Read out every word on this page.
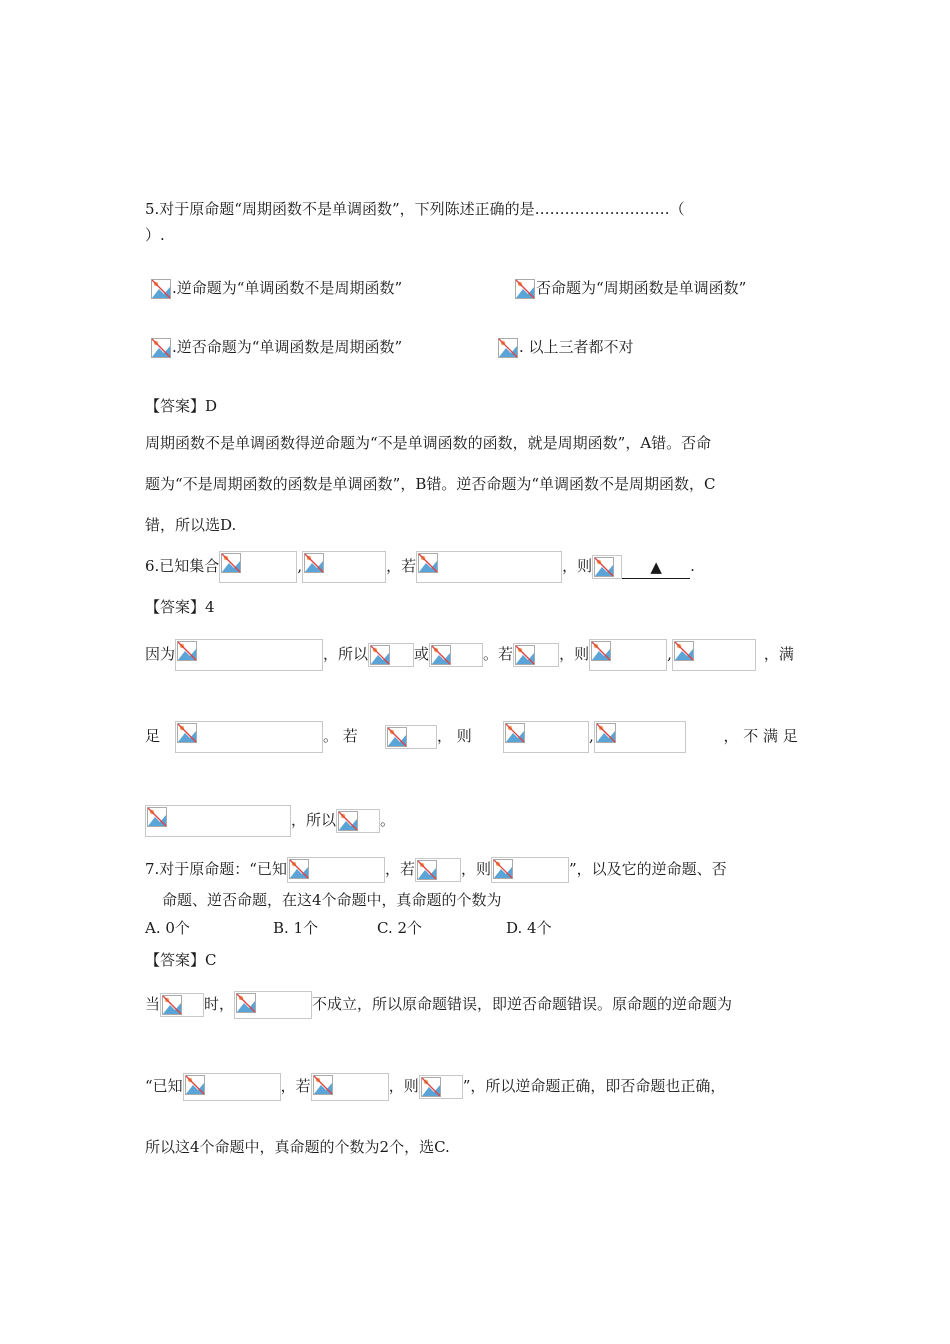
5.对于原命题“周期函数不是单调函数”，下列陈述正确的是………………………（
）.
.逆命题为“单调函数不是周期函数”	否命题为“周期函数是单调函数”
.逆否命题为“单调函数是周期函数”	. 以上三者都不对
【答案】D
周期函数不是单调函数得逆命题为“不是单调函数的函数，就是周期函数”，A错。否命
题为“不是周期函数的函数是单调函数”，B错。逆否命题为“单调函数不是周期函数，C
错，所以选D.
6.已知集合	,	，若	，则	▲ .
【答案】4
因为	，所以	或	。若	，则	,	，满
足	。 若	， 则	,	， 不 满 足
，所以	。
7.对于原命题：“已知	，若	，则	”，以及它的逆命题、否
命题、逆否命题，在这4个命题中，真命题的个数为
A. 0个	B. 1个	C. 2个	D. 4个
【答案】C
当	时，	不成立，所以原命题错误，即逆否命题错误。原命题的逆命题为
“已知	，若	，则	”，所以逆命题正确，即否命题也正确，
所以这4个命题中，真命题的个数为2个，选C.
